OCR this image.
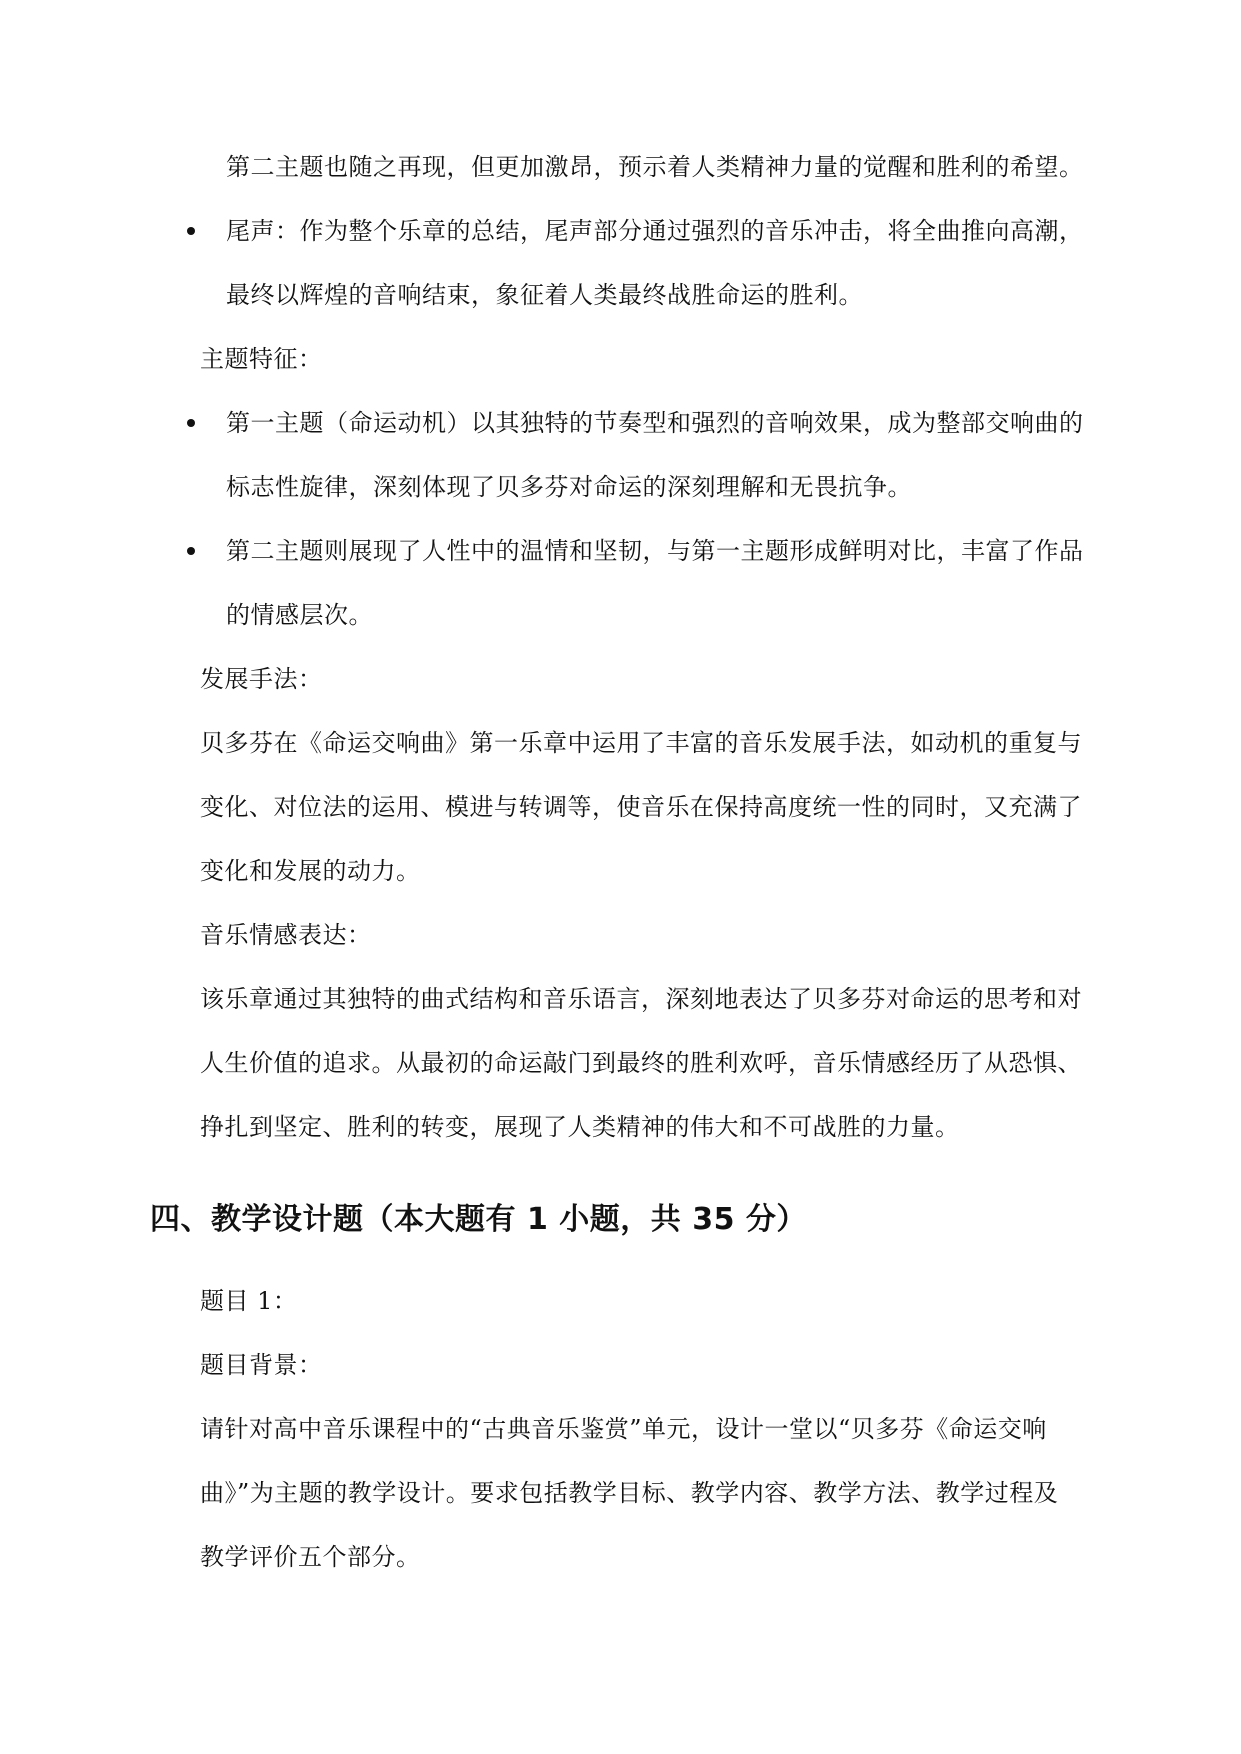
第二主题也随之再现，但更加激昂，预示着人类精神力量的觉醒和胜利的希望。
尾声：作为整个乐章的总结，尾声部分通过强烈的音乐冲击，将全曲推向高潮，
最终以辉煌的音响结束，象征着人类最终战胜命运的胜利。
主题特征：
第一主题（命运动机）以其独特的节奏型和强烈的音响效果，成为整部交响曲的
标志性旋律，深刻体现了贝多芬对命运的深刻理解和无畏抗争。
第二主题则展现了人性中的温情和坚韧，与第一主题形成鲜明对比，丰富了作品
的情感层次。
发展手法：
贝多芬在《命运交响曲》第一乐章中运用了丰富的音乐发展手法，如动机的重复与
变化、对位法的运用、模进与转调等，使音乐在保持高度统一性的同时，又充满了
变化和发展的动力。
音乐情感表达：
该乐章通过其独特的曲式结构和音乐语言，深刻地表达了贝多芬对命运的思考和对
人生价值的追求。从最初的命运敲门到最终的胜利欢呼，音乐情感经历了从恐惧、
挣扎到坚定、胜利的转变，展现了人类精神的伟大和不可战胜的力量。
四、教学设计题（本大题有 1 小题，共 35 分）
题目 1：
题目背景：
请针对高中音乐课程中的“古典音乐鉴赏”单元，设计一堂以“贝多芬《命运交响
曲》”为主题的教学设计。要求包括教学目标、教学内容、教学方法、教学过程及
教学评价五个部分。
